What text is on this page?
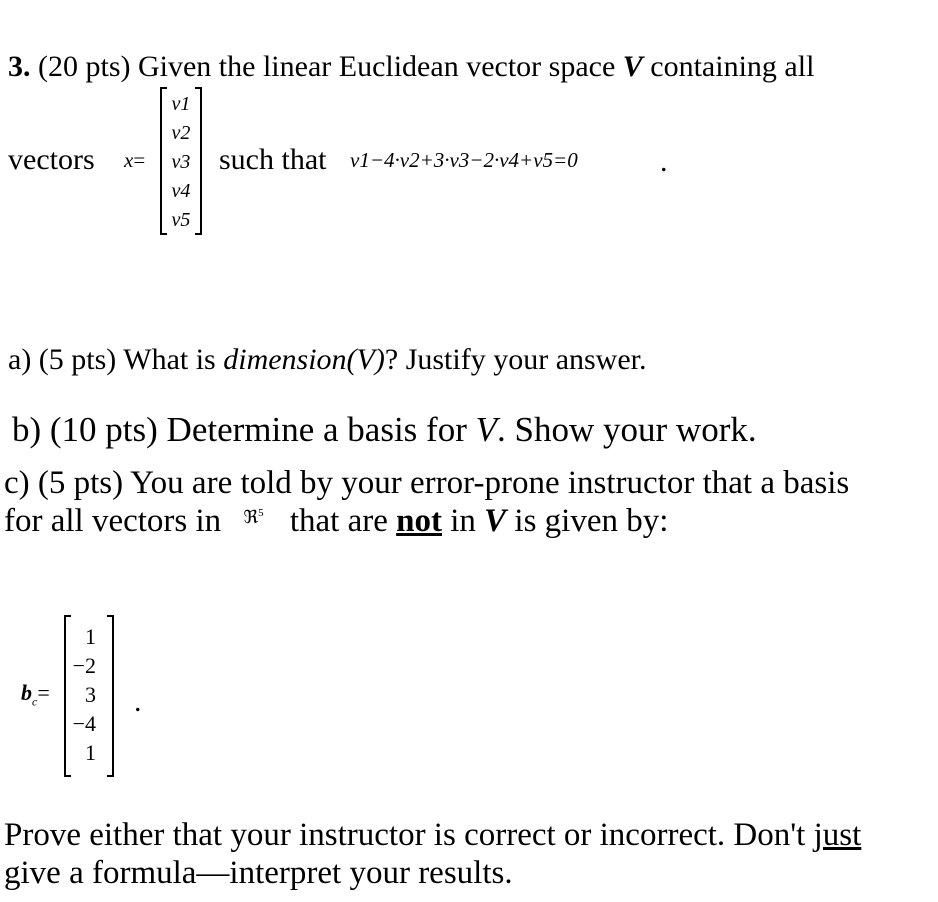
3. (20 pts) Given the linear Euclidean vector space V containing all
vectors x=
v1
v2
v3
v4
v5
such that v1−4·v2+3·v3−2·v4+v5=0	.
a) (5 pts) What is dimension(V)? Justify your answer.
b) (10 pts) Determine a basis for V. Show your work.
c) (5 pts) You are told by your error-prone instructor that a basis
for all vectors in $^{ℜ^5}$ that are not in V is given by:
$b_c=$
1
−2
3
−4
1
.
Prove either that your instructor is correct or incorrect. Don't just
give a formula—interpret your results.
